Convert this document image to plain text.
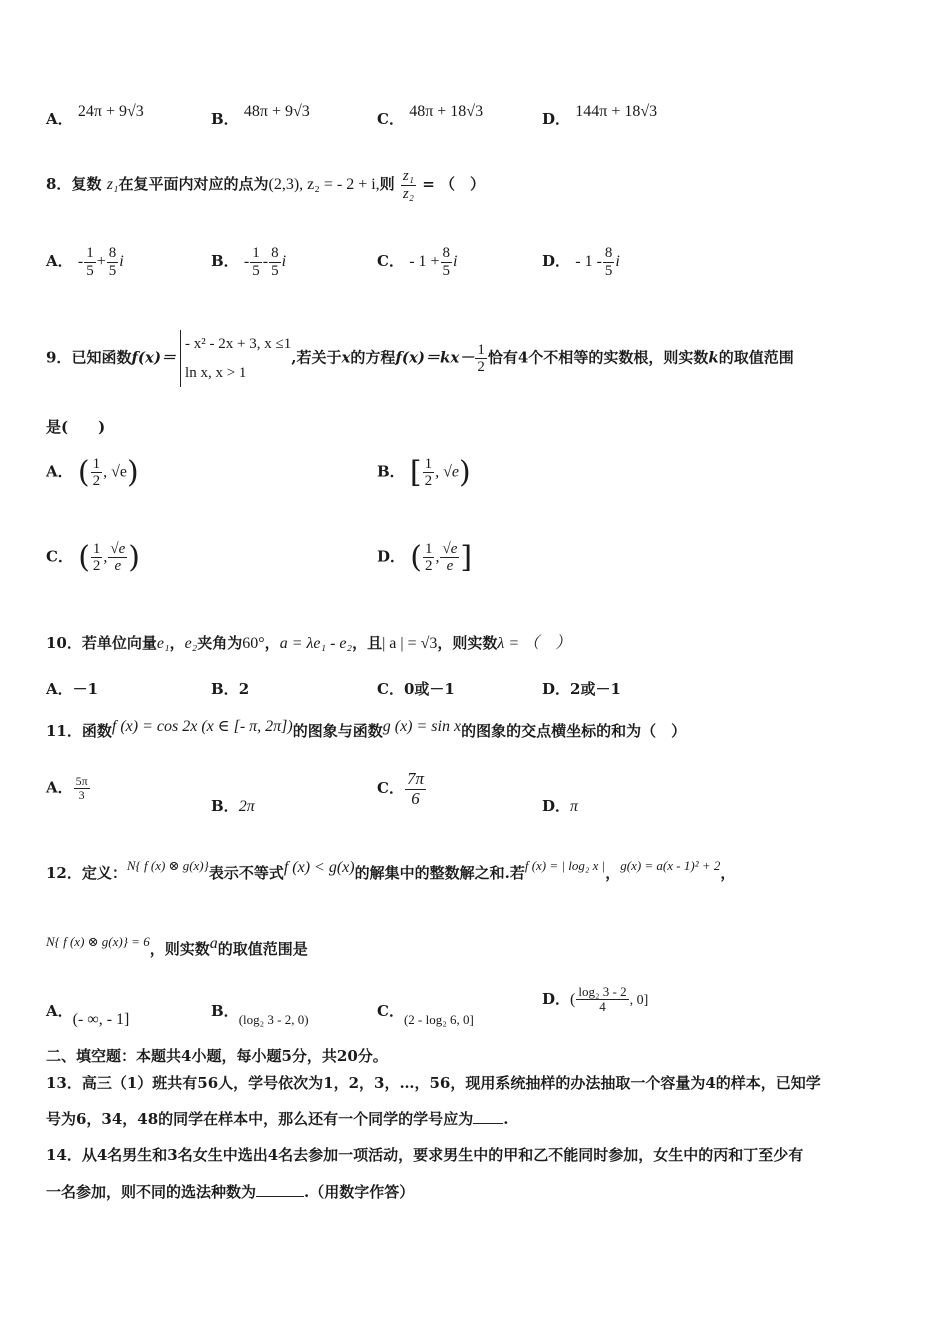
A． 24π + 9√3	B． 48π + 9√3	C． 48π + 18√3	D． 144π + 18√3
8．复数 z₁在复平面内对应的点为(2,3), z₂ = - 2 + i,则 $\frac{\text{z₁}}{\text{z₂}}$ = （　）
A． - $\frac{1}{5} + \frac{8}{5}$ i	B． - $\frac{1}{5} - \frac{8}{5}$ i	C． - $1 + \frac{8}{5}$ i	D． - $1 - \frac{8}{5}$ i
9．已知函数f(x)＝
- x² - 2x + 3, x ≤1
ln x, x > 1
,若关于x的方程$f(x)=kx- \frac{1}{2}$ 恰有4个不相等的实数根，则实数k的取值范围
是(　　)
A． ( $\frac{1}{2}$ , √e)	B． [ $\frac{1}{2}$ , √e)
C． ( $\frac{1}{2}$ , $\frac{√e}{e}$ )	D． ( $\frac{1}{2}$ , $\frac{√e}{e}$ ]
10．若单位向量e₁，e₂夹角为60°，a = λe₁ - e₂，且| a | = √3，则实数λ = （　）
A．－1	B．2	C．0或－1	D．2或－1
11．函数f (x) = cos 2x (x ∈ [- π, 2π])的图象与函数g (x) = sin x的图象的交点横坐标的和为（　）
A． $\frac{5\pi}{3}$
B．2π
C． $\frac{7\pi}{6}$	D．π
12．定义：N{ f (x) ⊗ g(x)}表示不等式f (x) < g(x)的解集中的整数解之和.若f (x) = | log₂ x |，g(x) = a(x - 1)² + 2，
N{ f (x) ⊗ g(x)} = 6，则实数a的取值范围是
A．(- ∞, - 1]	B．(log₂ 3 - 2, 0)	C．(2 - log₂ 6, 0]
D．( $\frac{\text{log₂ 3 - 2}}{4}$ , 0]
二、填空题：本题共4小题，每小题5分，共20分。
13．高三（1）班共有56人，学号依次为1，2，3，…，56，现用系统抽样的办法抽取一个容量为4的样本，已知学
号为6，34，48的同学在样本中，那么还有一个同学的学号应为 .
14．从4名男生和3名女生中选出4名去参加一项活动，要求男生中的甲和乙不能同时参加，女生中的丙和丁至少有
一名参加，则不同的选法种数为	.（用数字作答）
